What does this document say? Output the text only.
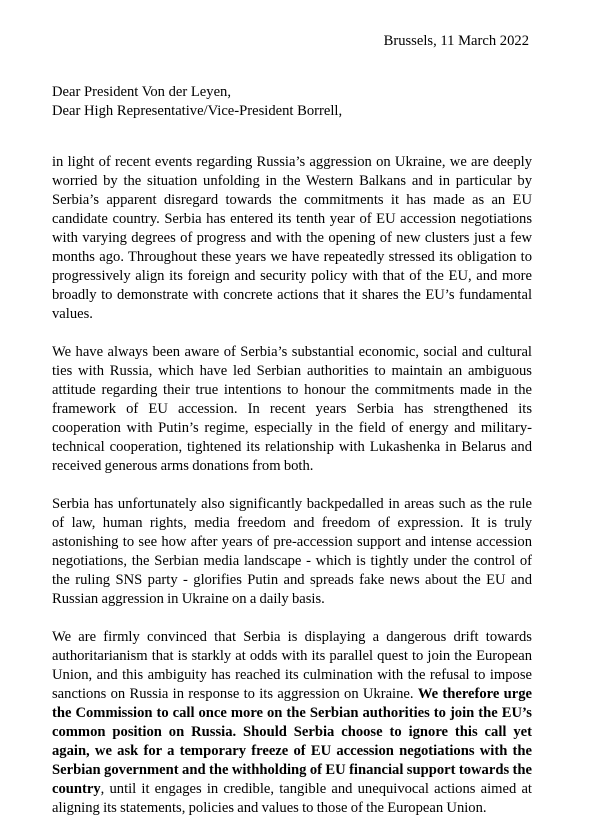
Brussels, 11 March 2022
Dear President Von der Leyen,
Dear High Representative/Vice-President Borrell,

in light of recent events regarding Russia’s aggression on Ukraine, we are deeply worried by the situation unfolding in the Western Balkans and in particular by Serbia’s apparent disregard towards the commitments it has made as an EU candidate country. Serbia has entered its tenth year of EU accession negotiations with varying degrees of progress and with the opening of new clusters just a few months ago. Throughout these years we have repeatedly stressed its obligation to progressively align its foreign and security policy with that of the EU, and more broadly to demonstrate with concrete actions that it shares the EU’s fundamental values.

We have always been aware of Serbia’s substantial economic, social and cultural ties with Russia, which have led Serbian authorities to maintain an ambiguous attitude regarding their true intentions to honour the commitments made in the framework of EU accession. In recent years Serbia has strengthened its cooperation with Putin’s regime, especially in the field of energy and military-technical cooperation, tightened its relationship with Lukashenka in Belarus and received generous arms donations from both.

Serbia has unfortunately also significantly backpedalled in areas such as the rule of law, human rights, media freedom and freedom of expression. It is truly astonishing to see how after years of pre-accession support and intense accession negotiations, the Serbian media landscape - which is tightly under the control of the ruling SNS party - glorifies Putin and spreads fake news about the EU and Russian aggression in Ukraine on a daily basis.

We are firmly convinced that Serbia is displaying a dangerous drift towards authoritarianism that is starkly at odds with its parallel quest to join the European Union, and this ambiguity has reached its culmination with the refusal to impose sanctions on Russia in response to its aggression on Ukraine. We therefore urge the Commission to call once more on the Serbian authorities to join the EU’s common position on Russia. Should Serbia choose to ignore this call yet again, we ask for a temporary freeze of EU accession negotiations with the Serbian government and the withholding of EU financial support towards the country, until it engages in credible, tangible and unequivocal actions aimed at aligning its statements, policies and values to those of the European Union.
